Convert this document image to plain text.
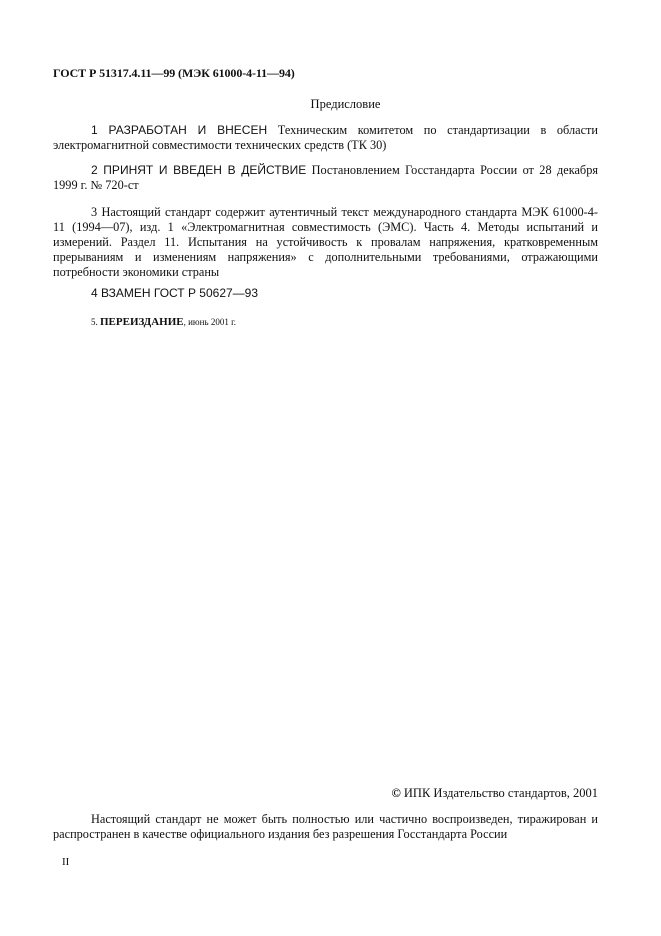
ГОСТ Р 51317.4.11—99 (МЭК 61000-4-11—94)
Предисловие
1 РАЗРАБОТАН И ВНЕСЕН Техническим комитетом по стандартизации в области электромагнитной совместимости технических средств (ТК 30)
2 ПРИНЯТ И ВВЕДЕН В ДЕЙСТВИЕ Постановлением Госстандарта России от 28 декабря 1999 г. № 720-ст
3 Настоящий стандарт содержит аутентичный текст международного стандарта МЭК 61000-4-11 (1994—07), изд. 1 «Электромагнитная совместимость (ЭМС). Часть 4. Методы испытаний и измерений. Раздел 11. Испытания на устойчивость к провалам напряжения, кратковременным прерываниям и изменениям напряжения» с дополнительными требованиями, отражающими потребности экономики страны
4 ВЗАМЕН ГОСТ Р 50627—93
5. ПЕРЕИЗДАНИЕ, июнь 2001 г.
© ИПК Издательство стандартов, 2001
Настоящий стандарт не может быть полностью или частично воспроизведен, тиражирован и распространен в качестве официального издания без разрешения Госстандарта России
II
